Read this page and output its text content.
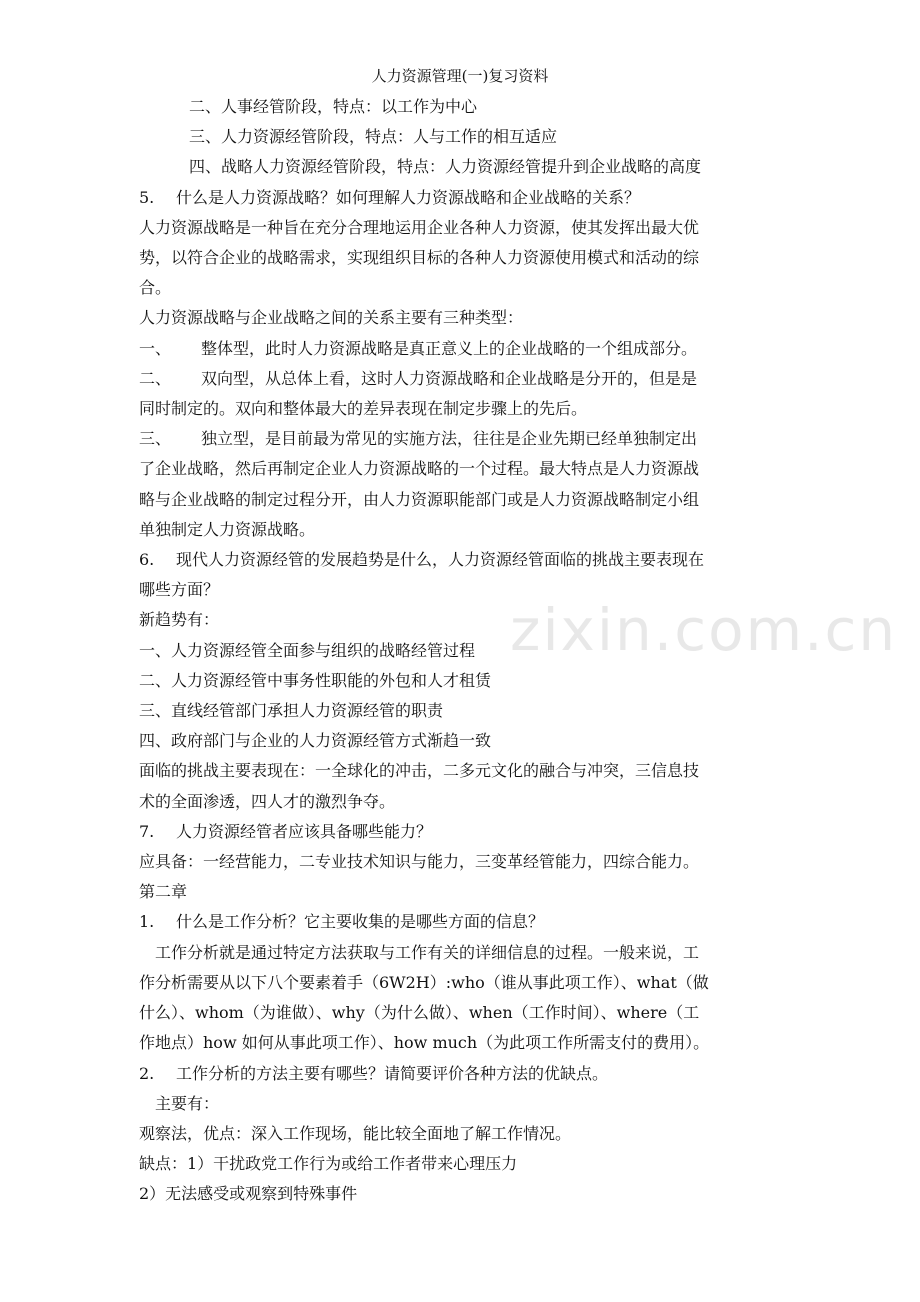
zixin.com.cn
人力资源管理(一)复习资料

二、人事经管阶段，特点：以工作为中心

三、人力资源经管阶段，特点：人与工作的相互适应

四、战略人力资源经管阶段，特点：人力资源经管提升到企业战略的高度

5. 什么是人力资源战略？如何理解人力资源战略和企业战略的关系？

人力资源战略是一种旨在充分合理地运用企业各种人力资源，使其发挥出最大优

势，以符合企业的战略需求，实现组织目标的各种人力资源使用模式和活动的综

合。

人力资源战略与企业战略之间的关系主要有三种类型：

一、 整体型，此时人力资源战略是真正意义上的企业战略的一个组成部分。

二、 双向型，从总体上看，这时人力资源战略和企业战略是分开的，但是是

同时制定的。双向和整体最大的差异表现在制定步骤上的先后。

三、 独立型，是目前最为常见的实施方法，往往是企业先期已经单独制定出

了企业战略，然后再制定企业人力资源战略的一个过程。最大特点是人力资源战

略与企业战略的制定过程分开，由人力资源职能部门或是人力资源战略制定小组

单独制定人力资源战略。

6. 现代人力资源经管的发展趋势是什么，人力资源经管面临的挑战主要表现在

哪些方面？

新趋势有：

一、人力资源经管全面参与组织的战略经管过程

二、人力资源经管中事务性职能的外包和人才租赁

三、直线经管部门承担人力资源经管的职责

四、政府部门与企业的人力资源经管方式渐趋一致

面临的挑战主要表现在：一全球化的冲击，二多元文化的融合与冲突，三信息技

术的全面渗透，四人才的激烈争夺。

7. 人力资源经管者应该具备哪些能力？

应具备：一经营能力，二专业技术知识与能力，三变革经管能力，四综合能力。

第二章

1. 什么是工作分析？它主要收集的是哪些方面的信息？

工作分析就是通过特定方法获取与工作有关的详细信息的过程。一般来说，工

作分析需要从以下八个要素着手（6W2H）:who（谁从事此项工作）、what（做

什么）、whom（为谁做）、why（为什么做）、when（工作时间）、where（工

作地点）how 如何从事此项工作）、how much（为此项工作所需支付的费用）。

2. 工作分析的方法主要有哪些？请简要评价各种方法的优缺点。

主要有：

观察法，优点：深入工作现场，能比较全面地了解工作情况。

缺点：1）干扰政党工作行为或给工作者带来心理压力

2）无法感受或观察到特殊事件
